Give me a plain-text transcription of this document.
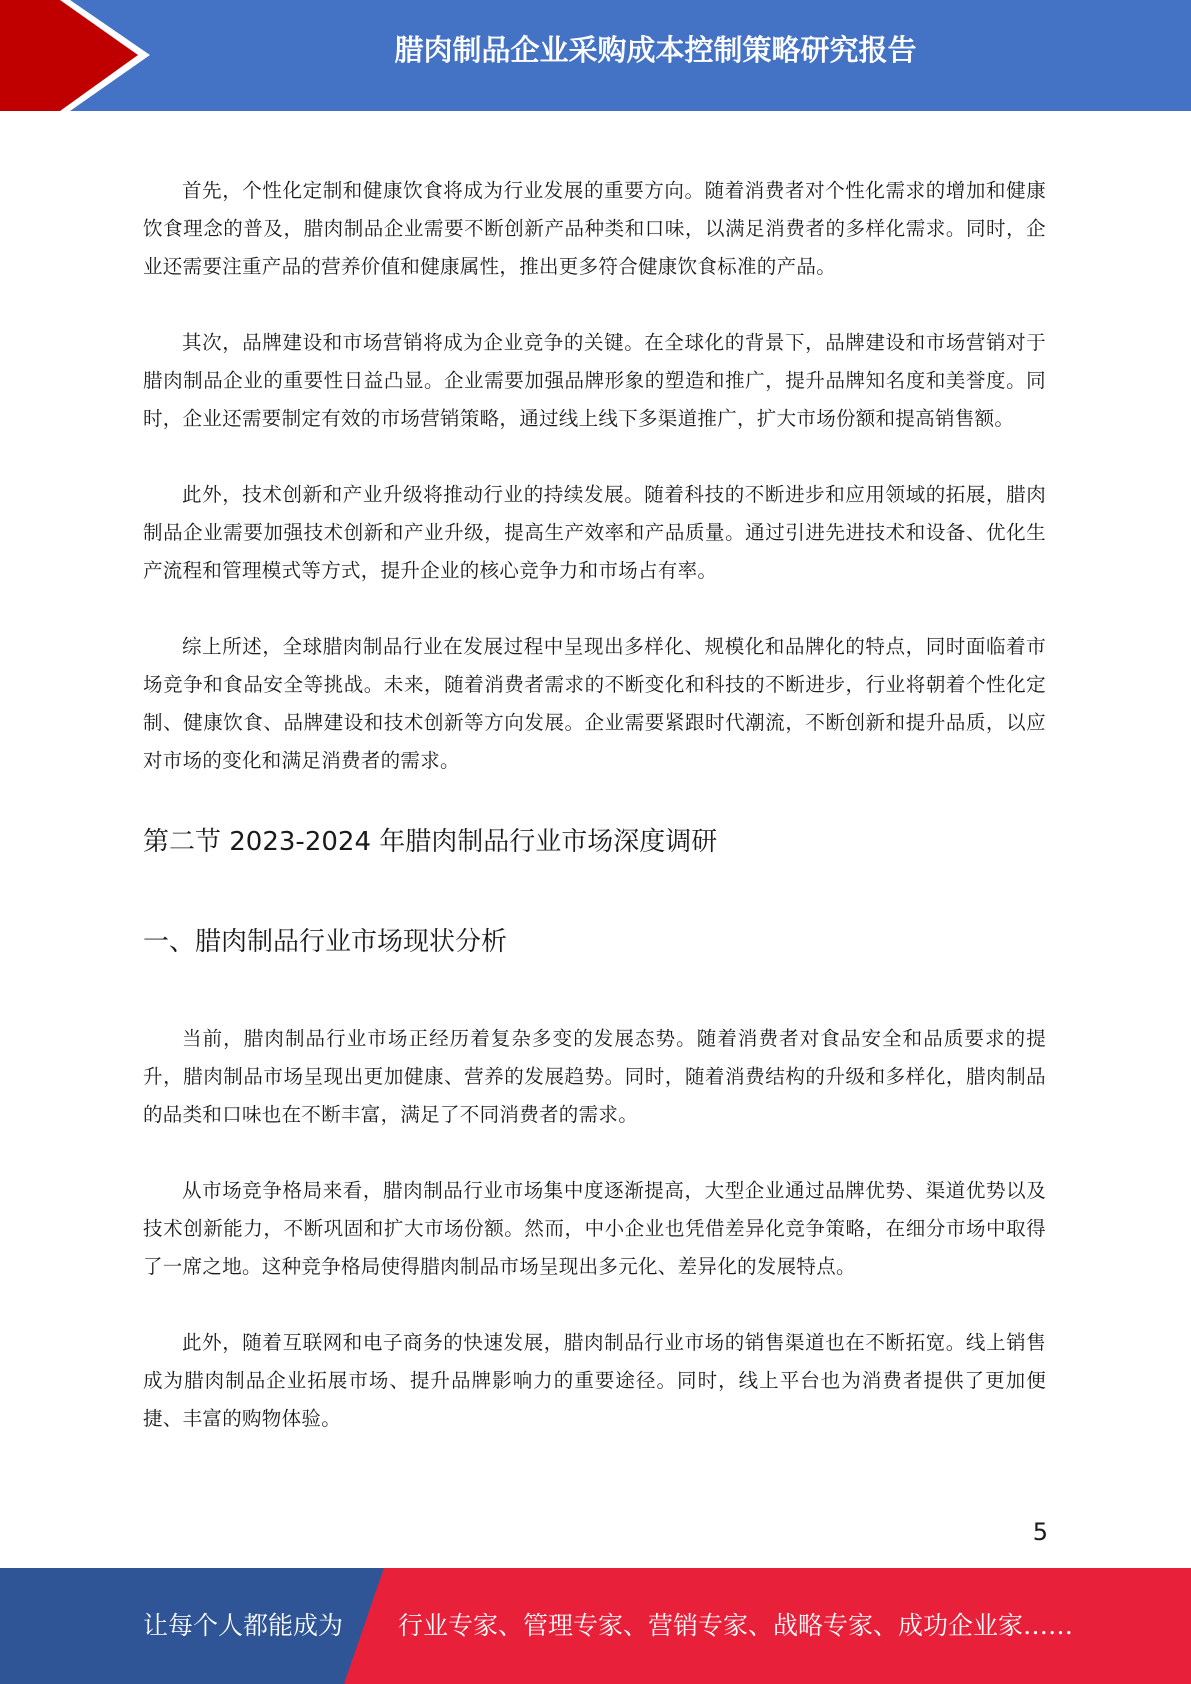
腊肉制品企业采购成本控制策略研究报告

首先，个性化定制和健康饮食将成为行业发展的重要方向。随着消费者对个性化需求的增加和健康饮食理念的普及，腊肉制品企业需要不断创新产品种类和口味，以满足消费者的多样化需求。同时，企业还需要注重产品的营养价值和健康属性，推出更多符合健康饮食标准的产品。

其次，品牌建设和市场营销将成为企业竞争的关键。在全球化的背景下，品牌建设和市场营销对于腊肉制品企业的重要性日益凸显。企业需要加强品牌形象的塑造和推广，提升品牌知名度和美誉度。同时，企业还需要制定有效的市场营销策略，通过线上线下多渠道推广，扩大市场份额和提高销售额。

此外，技术创新和产业升级将推动行业的持续发展。随着科技的不断进步和应用领域的拓展，腊肉制品企业需要加强技术创新和产业升级，提高生产效率和产品质量。通过引进先进技术和设备、优化生产流程和管理模式等方式，提升企业的核心竞争力和市场占有率。

综上所述，全球腊肉制品行业在发展过程中呈现出多样化、规模化和品牌化的特点，同时面临着市场竞争和食品安全等挑战。未来，随着消费者需求的不断变化和科技的不断进步，行业将朝着个性化定制、健康饮食、品牌建设和技术创新等方向发展。企业需要紧跟时代潮流，不断创新和提升品质，以应对市场的变化和满足消费者的需求。

第二节 2023-2024 年腊肉制品行业市场深度调研
一、腊肉制品行业市场现状分析

当前，腊肉制品行业市场正经历着复杂多变的发展态势。随着消费者对食品安全和品质要求的提升，腊肉制品市场呈现出更加健康、营养的发展趋势。同时，随着消费结构的升级和多样化，腊肉制品的品类和口味也在不断丰富，满足了不同消费者的需求。

从市场竞争格局来看，腊肉制品行业市场集中度逐渐提高，大型企业通过品牌优势、渠道优势以及技术创新能力，不断巩固和扩大市场份额。然而，中小企业也凭借差异化竞争策略，在细分市场中取得了一席之地。这种竞争格局使得腊肉制品市场呈现出多元化、差异化的发展特点。

此外，随着互联网和电子商务的快速发展，腊肉制品行业市场的销售渠道也在不断拓宽。线上销售成为腊肉制品企业拓展市场、提升品牌影响力的重要途径。同时，线上平台也为消费者提供了更加便捷、丰富的购物体验。

5
让每个人都能成为 行业专家、管理专家、营销专家、战略专家、成功企业家……
